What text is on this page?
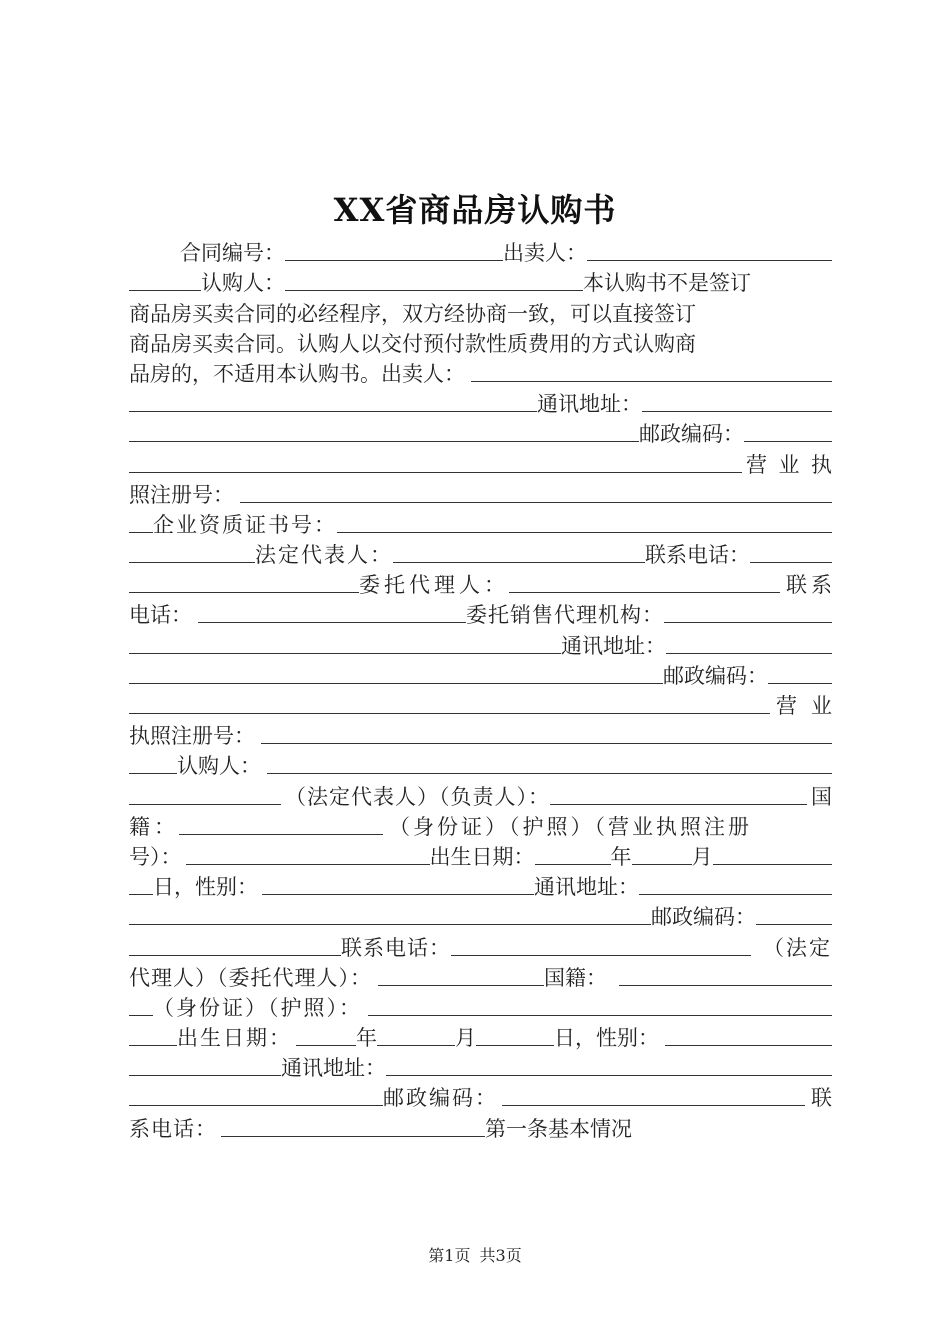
XX省商品房认购书
合同编号：	出卖人：
认购人：	本认购书不是签订
商品房买卖合同的必经程序，双方经协商一致，可以直接签订
商品房买卖合同。认购人以交付预付款性质费用的方式认购商
品房的，不适用本认购书。出卖人：
通讯地址：
邮政编码：
营 业 执
照注册号：
企业资质证书号：
法定代表人：	联系电话：
委托代理人：	联 系
电话：	委托销售代理机构：
通讯地址：
邮政编码：
营 业
执照注册号：
认购人：
（法定代表人）（负责人）：	国
籍：	（身份证）（护照）（营业执照注册
号）：	出生日期：	年	月
日，性别：	通讯地址：
邮政编码：
联系电话：	（法定
代理人）（委托代理人）：	国籍：
（身份证）（护照）：
出生日期：	年	月	日，性别：
通讯地址：
邮政编码：	联
系电话：	第一条基本情况
第1页 共3页
